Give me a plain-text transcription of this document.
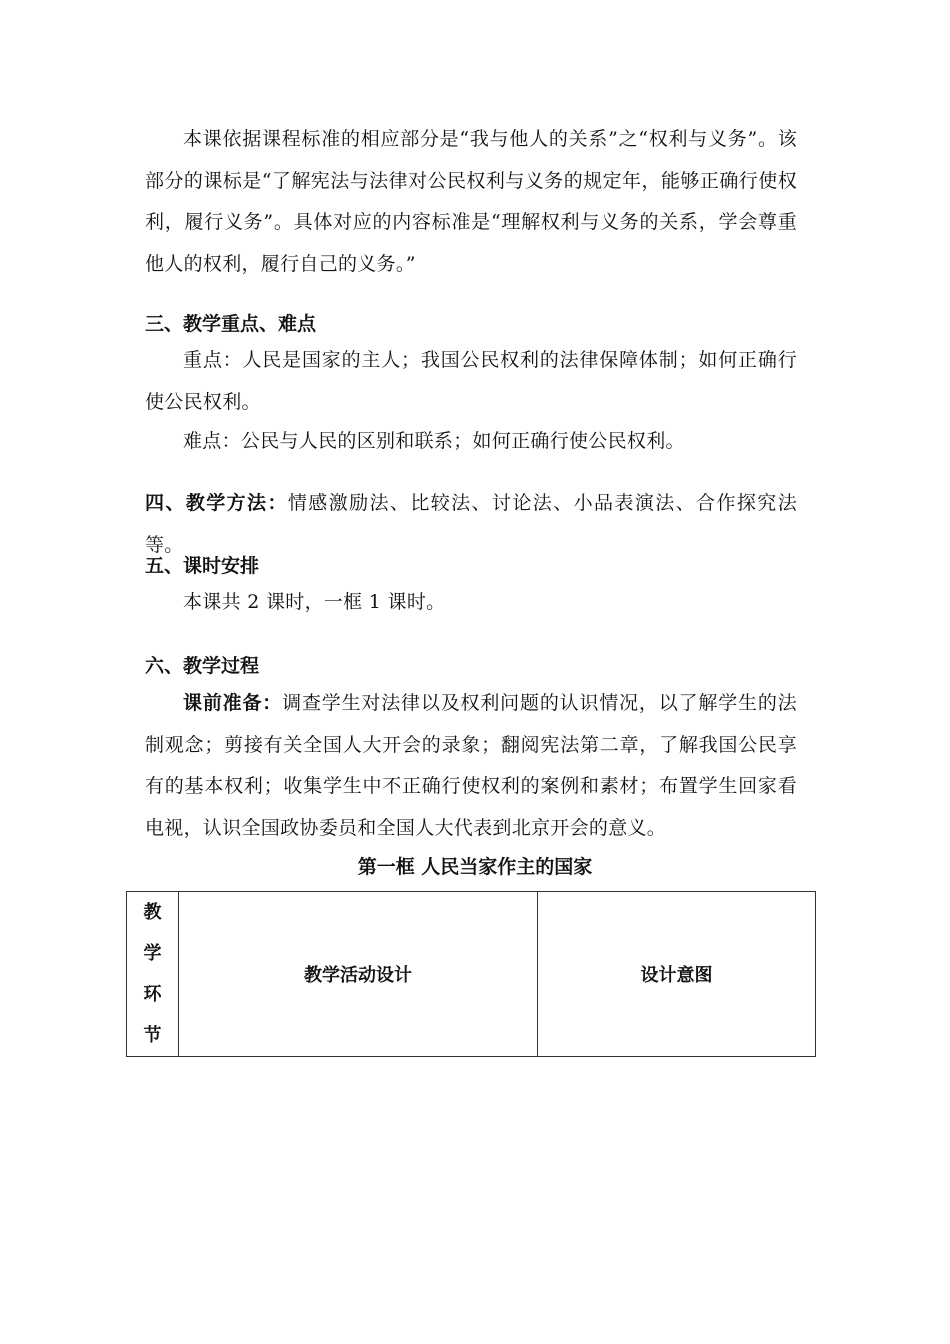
本课依据课程标准的相应部分是“我与他人的关系”之“权利与义务”。该部分的课标是“了解宪法与法律对公民权利与义务的规定年，能够正确行使权利，履行义务”。具体对应的内容标准是“理解权利与义务的关系，学会尊重他人的权利，履行自己的义务。”

三、教学重点、难点

重点：人民是国家的主人；我国公民权利的法律保障体制；如何正确行使公民权利。

难点：公民与人民的区别和联系；如何正确行使公民权利。

四、教学方法：情感激励法、比较法、讨论法、小品表演法、合作探究法等。

五、课时安排

本课共 2 课时，一框 1 课时。

六、教学过程

课前准备：调查学生对法律以及权利问题的认识情况，以了解学生的法制观念；剪接有关全国人大开会的录象；翻阅宪法第二章，了解我国公民享有的基本权利；收集学生中不正确行使权利的案例和素材；布置学生回家看电视，认识全国政协委员和全国人大代表到北京开会的意义。

第一框 人民当家作主的国家
教
学
环
节
	教学活动设计	设计意图
